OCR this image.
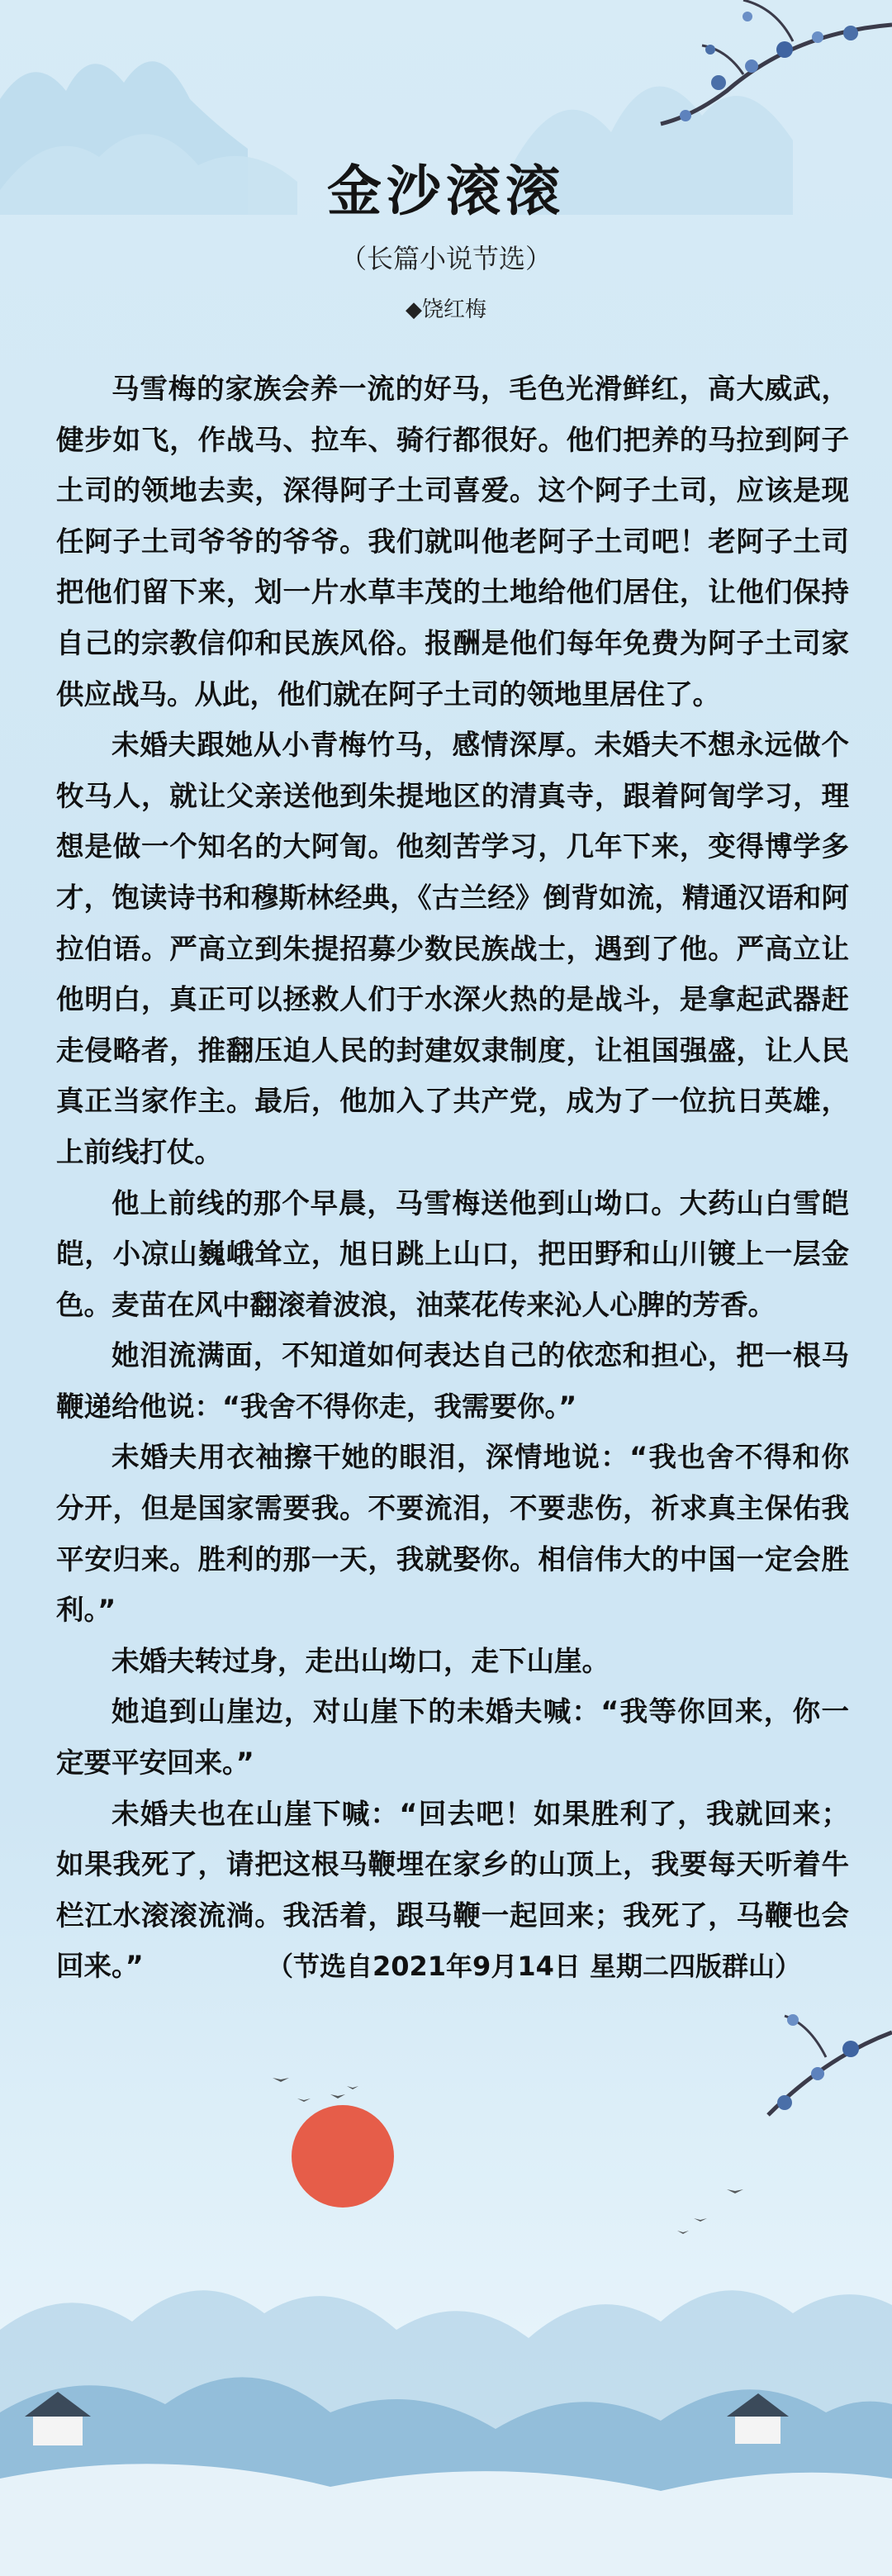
金沙滚滚
（长篇小说节选）
◆饶红梅

马雪梅的家族会养一流的好马，毛色光滑鲜红，高大威武，健步如飞，作战马、拉车、骑行都很好。他们把养的马拉到阿子土司的领地去卖，深得阿子土司喜爱。这个阿子土司，应该是现任阿子土司爷爷的爷爷。我们就叫他老阿子土司吧！老阿子土司把他们留下来，划一片水草丰茂的土地给他们居住，让他们保持自己的宗教信仰和民族风俗。报酬是他们每年免费为阿子土司家供应战马。从此，他们就在阿子土司的领地里居住了。

未婚夫跟她从小青梅竹马，感情深厚。未婚夫不想永远做个牧马人，就让父亲送他到朱提地区的清真寺，跟着阿訇学习，理想是做一个知名的大阿訇。他刻苦学习，几年下来，变得博学多才，饱读诗书和穆斯林经典，《古兰经》倒背如流，精通汉语和阿拉伯语。严高立到朱提招募少数民族战士，遇到了他。严高立让他明白，真正可以拯救人们于水深火热的是战斗，是拿起武器赶走侵略者，推翻压迫人民的封建奴隶制度，让祖国强盛，让人民真正当家作主。最后，他加入了共产党，成为了一位抗日英雄，上前线打仗。

他上前线的那个早晨，马雪梅送他到山坳口。大药山白雪皑皑，小凉山巍峨耸立，旭日跳上山口，把田野和山川镀上一层金色。麦苗在风中翻滚着波浪，油菜花传来沁人心脾的芳香。

她泪流满面，不知道如何表达自己的依恋和担心，把一根马鞭递给他说：“我舍不得你走，我需要你。”

未婚夫用衣袖擦干她的眼泪，深情地说：“我也舍不得和你分开，但是国家需要我。不要流泪，不要悲伤，祈求真主保佑我平安归来。胜利的那一天，我就娶你。相信伟大的中国一定会胜利。”

未婚夫转过身，走出山坳口，走下山崖。

她追到山崖边，对山崖下的未婚夫喊：“我等你回来，你一定要平安回来。”

未婚夫也在山崖下喊：“回去吧！如果胜利了，我就回来；如果我死了，请把这根马鞭埋在家乡的山顶上，我要每天听着牛栏江水滚滚流淌。我活着，跟马鞭一起回来；我死了，马鞭也会回来。”	（节选自2021年9月14日 星期二四版群山）
